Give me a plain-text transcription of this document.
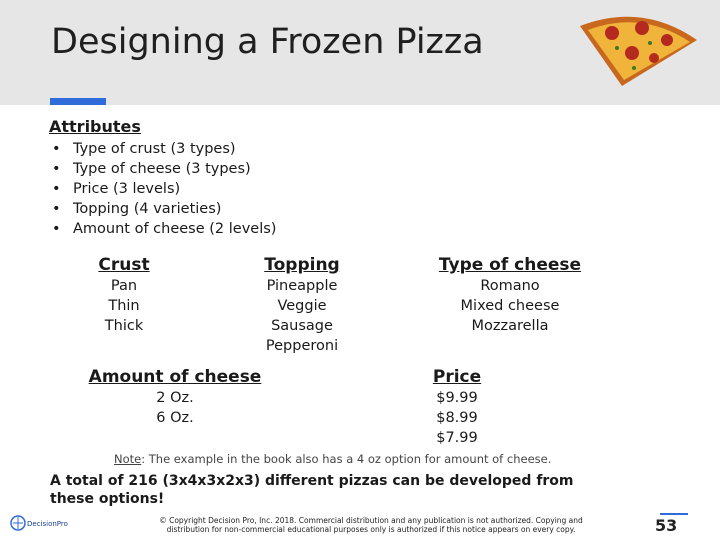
Designing a Frozen Pizza
Attributes
• Type of crust (3 types)
• Type of cheese (3 types)
• Price (3 levels)
• Topping (4 varieties)
• Amount of cheese (2 levels)
Crust
Pan
Thin
Thick
Topping
Pineapple
Veggie
Sausage
Pepperoni
Type of cheese
Romano
Mixed cheese
Mozzarella
Amount of cheese
2 Oz.
6 Oz.
Price
$9.99
$8.99
$7.99
Note: The example in the book also has a 4 oz option for amount of cheese.
A total of 216 (3x4x3x2x3) different pizzas can be developed from these options!
DecisionPro	© Copyright Decision Pro, Inc. 2018. Commercial distribution and any publication is not authorized. Copying and distribution for non-commercial educational purposes only is authorized if this notice appears on every copy.	53
